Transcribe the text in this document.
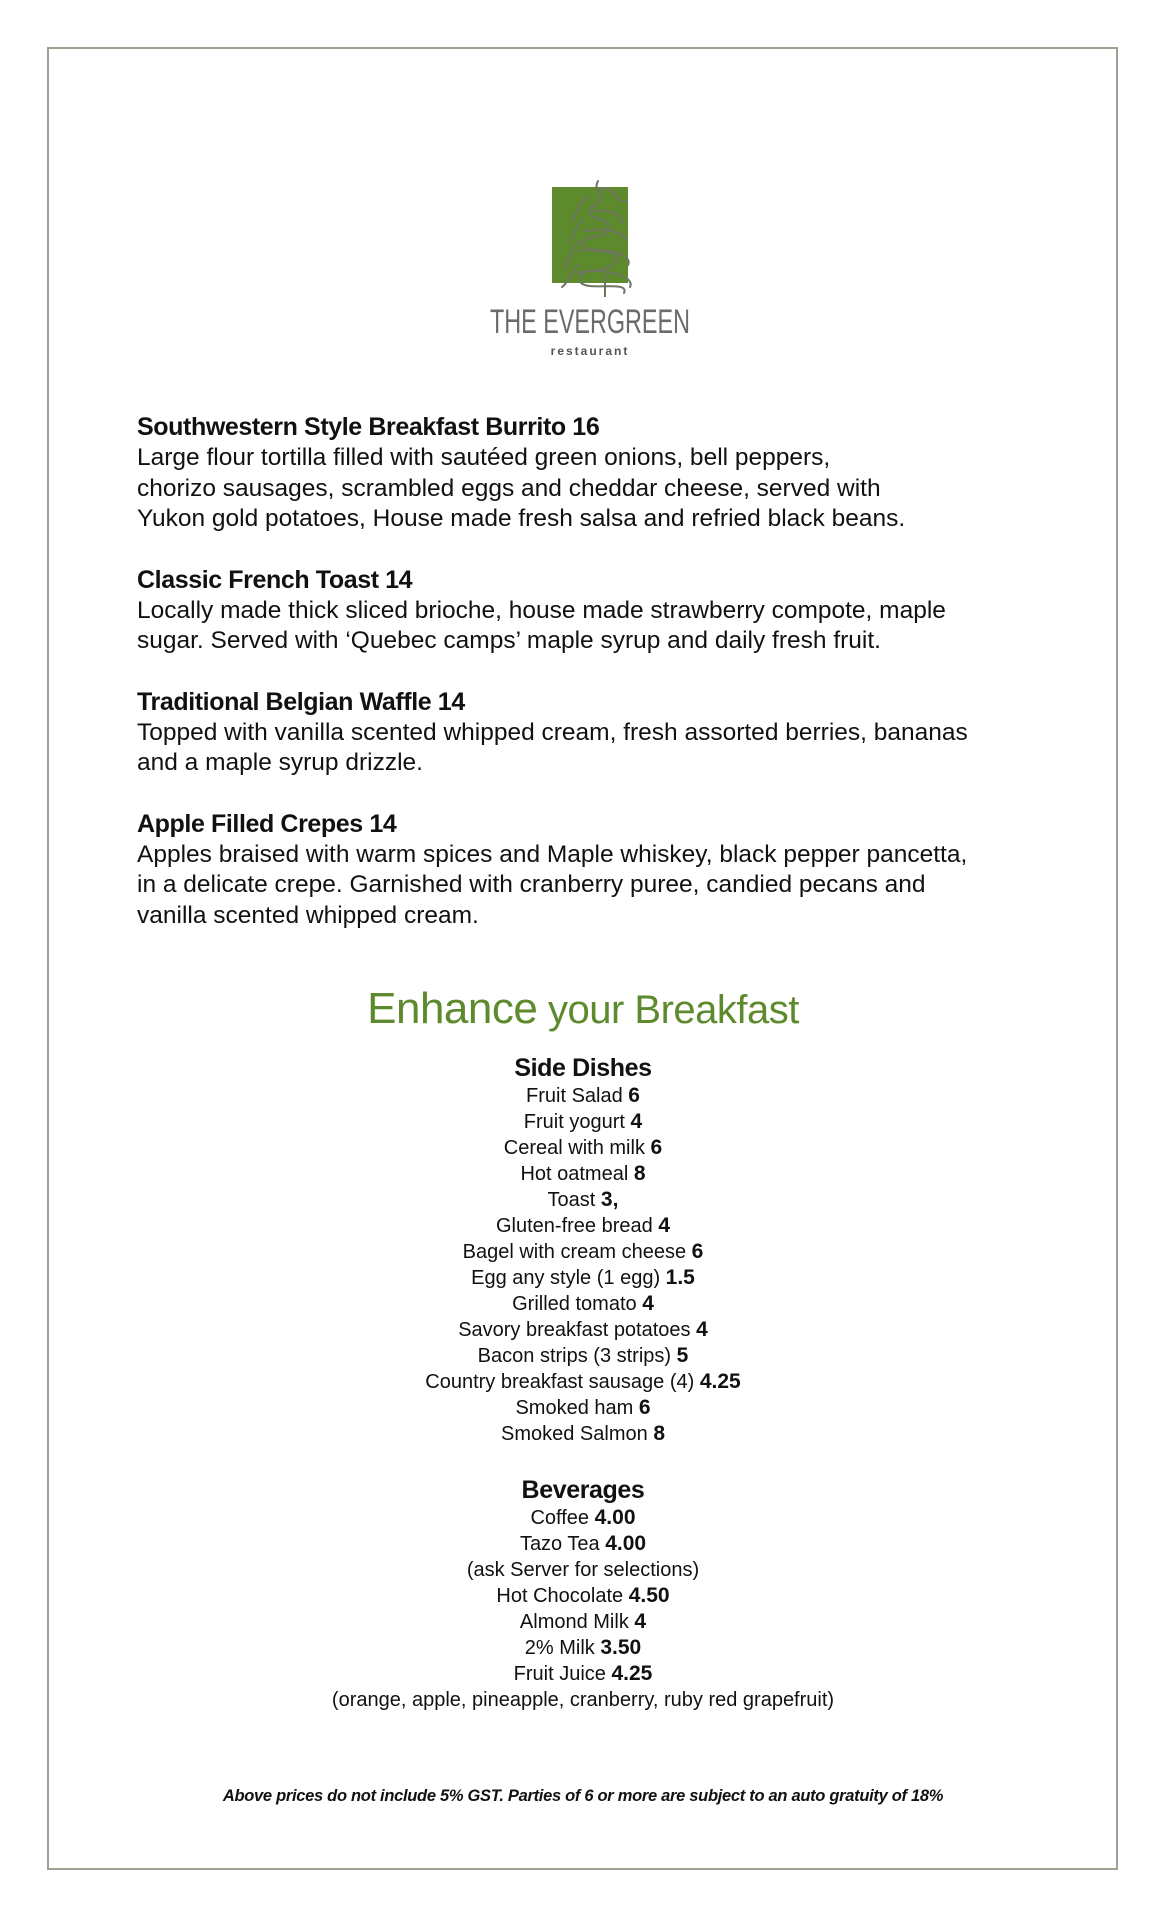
THE EVERGREEN
restaurant
Southwestern Style Breakfast Burrito 16
Large flour tortilla filled with sautéed green onions, bell peppers,
chorizo sausages, scrambled eggs and cheddar cheese, served with
Yukon gold potatoes, House made fresh salsa and refried black beans.
Classic French Toast 14
Locally made thick sliced brioche, house made strawberry compote, maple
sugar. Served with ‘Quebec camps’ maple syrup and daily fresh fruit.
Traditional Belgian Waffle 14
Topped with vanilla scented whipped cream, fresh assorted berries, bananas
and a maple syrup drizzle.
Apple Filled Crepes 14
Apples braised with warm spices and Maple whiskey, black pepper pancetta,
in a delicate crepe. Garnished with cranberry puree, candied pecans and
vanilla scented whipped cream.
Enhance your Breakfast
Side Dishes
Fruit Salad 6
Fruit yogurt 4
Cereal with milk 6
Hot oatmeal 8
Toast 3,
Gluten-free bread 4
Bagel with cream cheese 6
Egg any style (1 egg) 1.5
Grilled tomato 4
Savory breakfast potatoes 4
Bacon strips (3 strips) 5
Country breakfast sausage (4) 4.25
Smoked ham 6
Smoked Salmon 8
Beverages
Coffee 4.00
Tazo Tea 4.00
(ask Server for selections)
Hot Chocolate 4.50
Almond Milk 4
2% Milk 3.50
Fruit Juice 4.25
(orange, apple, pineapple, cranberry, ruby red grapefruit)
Above prices do not include 5% GST. Parties of 6 or more are subject to an auto gratuity of 18%
